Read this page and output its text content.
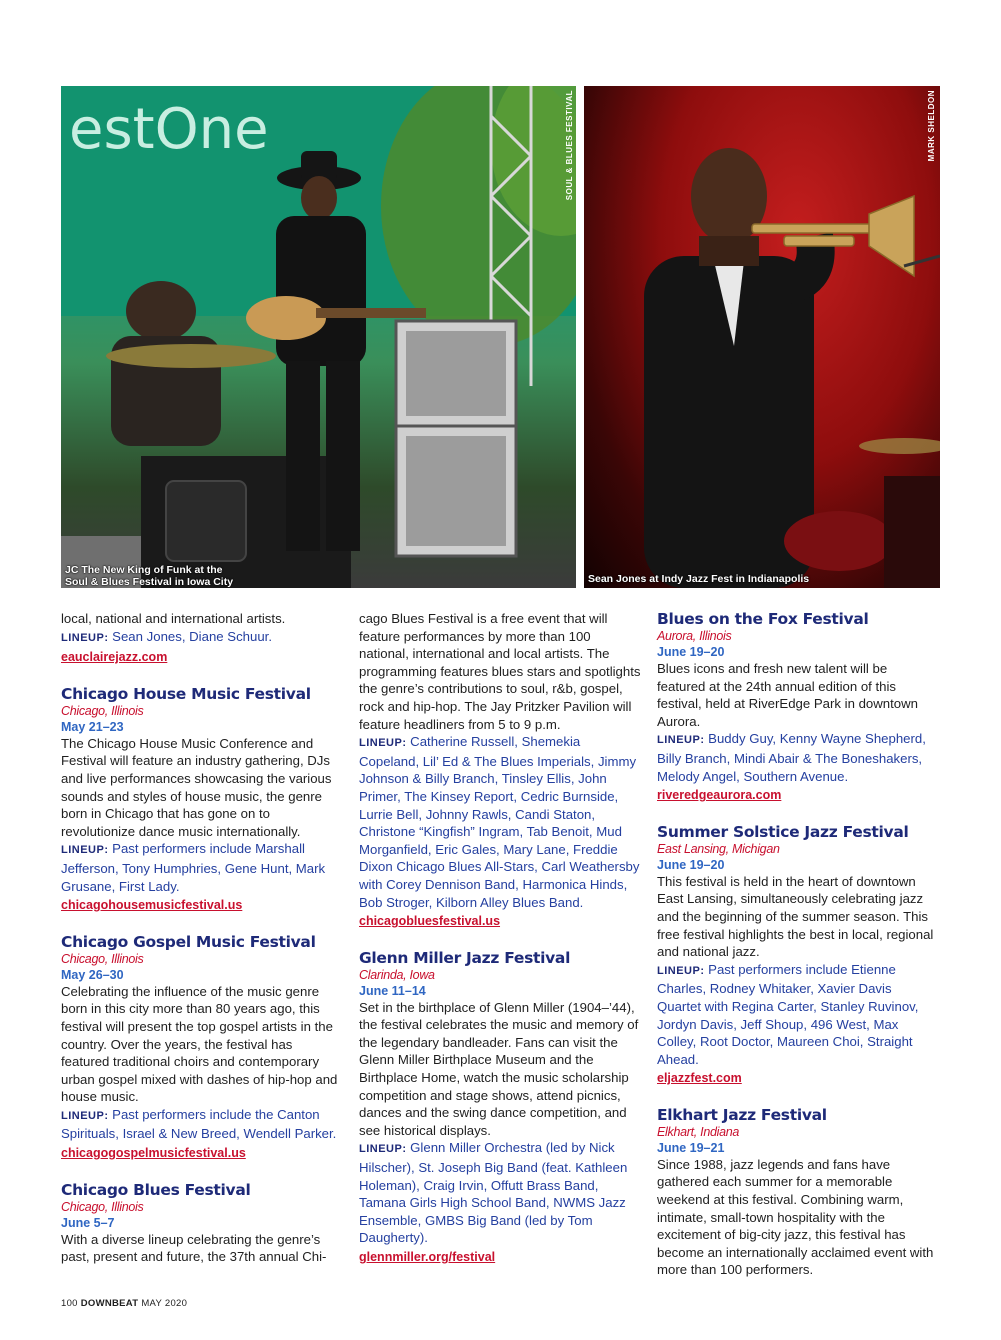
estOne	SOUL & BLUES FESTIVAL
JC The New King of Funk at the
Soul & Blues Festival in Iowa City
MARK SHELDON
Sean Jones at Indy Jazz Fest in Indianapolis

local, national and international artists.

LINEUP: Sean Jones, Diane Schuur.

eauclairejazz.com
Chicago House Music Festival
Chicago, Illinois
May 21–23

The Chicago House Music Conference and Festival will feature an industry gathering, DJs and live performances showcasing the various sounds and styles of house music, the genre born in Chicago that has gone on to revolutionize dance music internationally.

LINEUP: Past performers include Marshall Jefferson, Tony Humphries, Gene Hunt, Mark Grusane, First Lady.

chicagohousemusicfestival.us
Chicago Gospel Music Festival
Chicago, Illinois
May 26–30

Celebrating the influence of the music genre born in this city more than 80 years ago, this festival will present the top gospel artists in the country. Over the years, the festival has featured traditional choirs and contemporary urban gospel mixed with dashes of hip-hop and house music.

LINEUP: Past performers include the Canton Spirituals, Israel & New Breed, Wendell Parker.

chicagogospelmusicfestival.us
Chicago Blues Festival
Chicago, Illinois
June 5–7

With a diverse lineup celebrating the genre’s past, present and future, the 37th annual Chi-

cago Blues Festival is a free event that will feature performances by more than 100 national, international and local artists. The programming features blues stars and spotlights the genre’s contributions to soul, r&b, gospel, rock and hip-hop. The Jay Pritzker Pavilion will feature headliners from 5 to 9 p.m.

LINEUP: Catherine Russell, Shemekia Copeland, Lil’ Ed & The Blues Imperials, Jimmy Johnson & Billy Branch, Tinsley Ellis, John Primer, The Kinsey Report, Cedric Burnside, Lurrie Bell, Johnny Rawls, Candi Staton, Christone “Kingfish” Ingram, Tab Benoit, Mud Morganfield, Eric Gales, Mary Lane, Freddie Dixon Chicago Blues All-Stars, Carl Weathersby with Corey Dennison Band, Harmonica Hinds, Bob Stroger, Kilborn Alley Blues Band.

chicagobluesfestival.us
Glenn Miller Jazz Festival
Clarinda, Iowa
June 11–14

Set in the birthplace of Glenn Miller (1904–’44), the festival celebrates the music and memory of the legendary bandleader. Fans can visit the Glenn Miller Birthplace Museum and the Birthplace Home, watch the music scholarship competition and stage shows, attend picnics, dances and the swing dance competition, and see historical displays.

LINEUP: Glenn Miller Orchestra (led by Nick Hilscher), St. Joseph Big Band (feat. Kathleen Holeman), Craig Irvin, Offutt Brass Band, Tamana Girls High School Band, NWMS Jazz Ensemble, GMBS Big Band (led by Tom Daugherty).

glennmiller.org/festival
Blues on the Fox Festival
Aurora, Illinois
June 19–20

Blues icons and fresh new talent will be featured at the 24th annual edition of this festival, held at RiverEdge Park in downtown Aurora.

LINEUP: Buddy Guy, Kenny Wayne Shepherd, Billy Branch, Mindi Abair & The Boneshakers, Melody Angel, Southern Avenue.

riveredgeaurora.com
Summer Solstice Jazz Festival
East Lansing, Michigan
June 19–20

This festival is held in the heart of downtown East Lansing, simultaneously celebrating jazz and the beginning of the summer season. This free festival highlights the best in local, regional and national jazz.

LINEUP: Past performers include Etienne Charles, Rodney Whitaker, Xavier Davis Quartet with Regina Carter, Stanley Ruvinov, Jordyn Davis, Jeff Shoup, 496 West, Max Colley, Root Doctor, Maureen Choi, Straight Ahead.

eljazzfest.com
Elkhart Jazz Festival
Elkhart, Indiana
June 19–21

Since 1988, jazz legends and fans have gathered each summer for a memorable weekend at this festival. Combining warm, intimate, small-town hospitality with the excitement of big-city jazz, this festival has become an internationally acclaimed event with more than 100 performers.

100 DOWNBEAT MAY 2020
